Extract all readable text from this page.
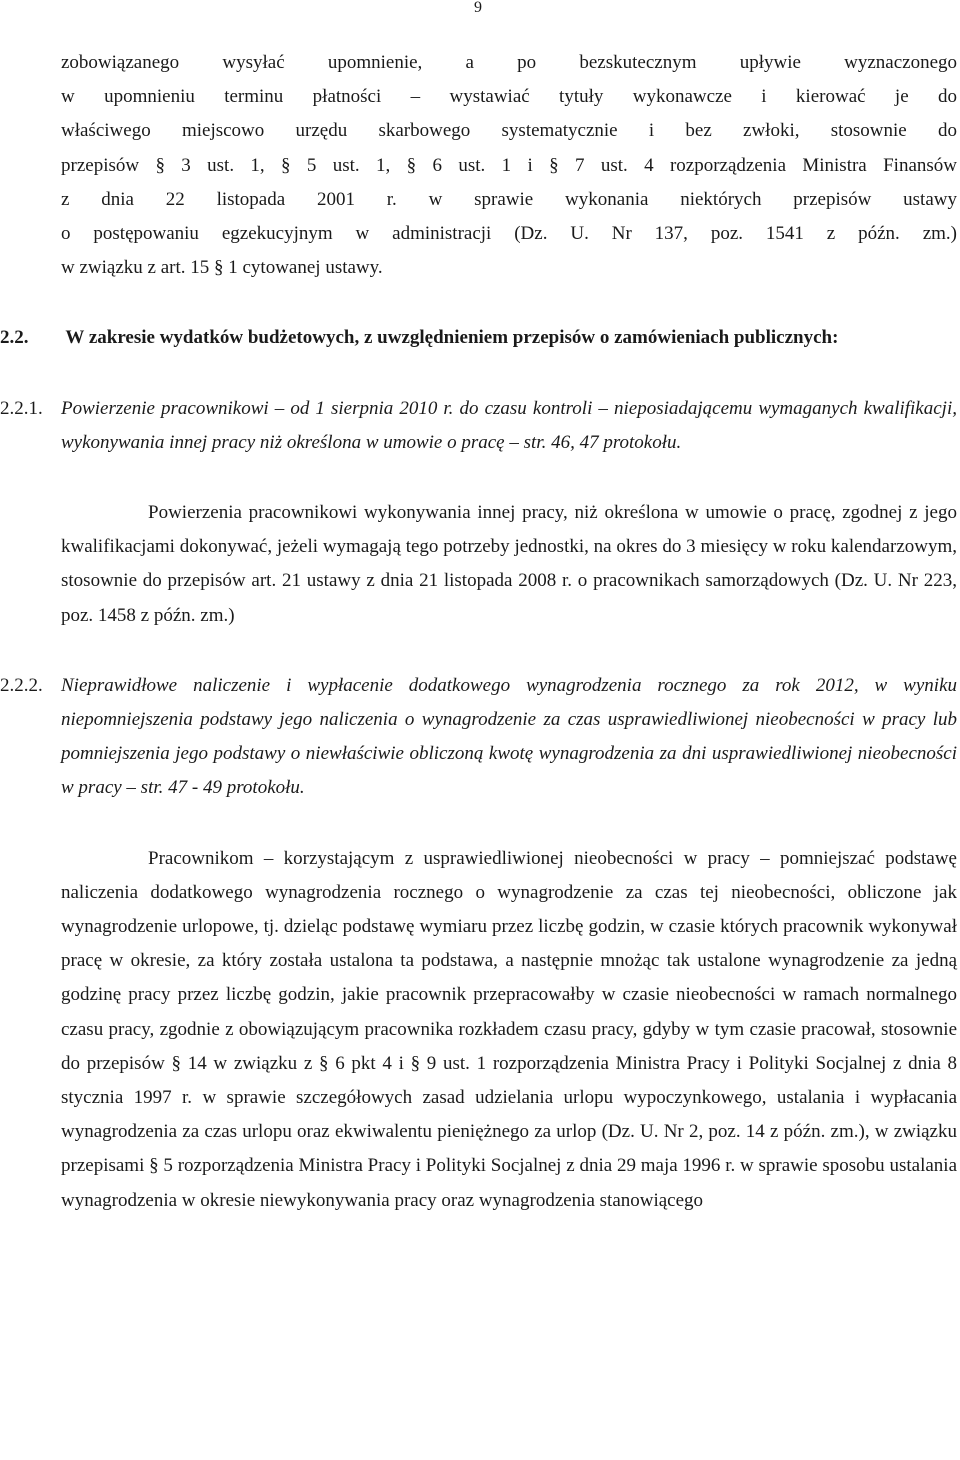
9

zobowiązanego wysyłać upomnienie, a po bezskutecznym upływie wyznaczonego

w upomnieniu terminu płatności – wystawiać tytuły wykonawcze i kierować je do

właściwego miejscowo urzędu skarbowego systematycznie i bez zwłoki, stosownie do

przepisów § 3 ust. 1, § 5 ust. 1, § 6 ust. 1 i § 7 ust. 4 rozporządzenia Ministra Finansów

z dnia 22 listopada 2001 r. w sprawie wykonania niektórych przepisów ustawy

o postępowaniu egzekucyjnym w administracji (Dz. U. Nr 137, poz. 1541 z późn. zm.)

w związku z art. 15 § 1 cytowanej ustawy.

2.2. W zakresie wydatków budżetowych, z uwzględnieniem przepisów o zamówieniach publicznych:

2.2.1. Powierzenie pracownikowi – od 1 sierpnia 2010 r. do czasu kontroli – nieposiadającemu wymaganych kwalifikacji, wykonywania innej pracy niż określona w umowie o pracę – str. 46, 47 protokołu.

Powierzenia pracownikowi wykonywania innej pracy, niż określona w umowie o pracę, zgodnej z jego kwalifikacjami dokonywać, jeżeli wymagają tego potrzeby jednostki, na okres do 3 miesięcy w roku kalendarzowym, stosownie do przepisów art. 21 ustawy z dnia 21 listopada 2008 r. o pracownikach samorządowych (Dz. U. Nr 223, poz. 1458 z późn. zm.)

2.2.2. Nieprawidłowe naliczenie i wypłacenie dodatkowego wynagrodzenia rocznego za rok 2012, w wyniku niepomniejszenia podstawy jego naliczenia o wynagrodzenie za czas usprawiedliwionej nieobecności w pracy lub pomniejszenia jego podstawy o niewłaściwie obliczoną kwotę wynagrodzenia za dni usprawiedliwionej nieobecności w pracy – str. 47 - 49 protokołu.

Pracownikom – korzystającym z usprawiedliwionej nieobecności w pracy – pomniejszać podstawę naliczenia dodatkowego wynagrodzenia rocznego o wynagrodzenie za czas tej nieobecności, obliczone jak wynagrodzenie urlopowe, tj. dzieląc podstawę wymiaru przez liczbę godzin, w czasie których pracownik wykonywał pracę w okresie, za który została ustalona ta podstawa, a następnie mnożąc tak ustalone wynagrodzenie za jedną godzinę pracy przez liczbę godzin, jakie pracownik przepracowałby w czasie nieobecności w ramach normalnego czasu pracy, zgodnie z obowiązującym pracownika rozkładem czasu pracy, gdyby w tym czasie pracował, stosownie do przepisów § 14 w związku z § 6 pkt 4 i § 9 ust. 1 rozporządzenia Ministra Pracy i Polityki Socjalnej z dnia 8 stycznia 1997 r. w sprawie szczegółowych zasad udzielania urlopu wypoczynkowego, ustalania i wypłacania wynagrodzenia za czas urlopu oraz ekwiwalentu pieniężnego za urlop (Dz. U. Nr 2, poz. 14 z późn. zm.), w związku przepisami § 5 rozporządzenia Ministra Pracy i Polityki Socjalnej z dnia 29 maja 1996 r. w sprawie sposobu ustalania wynagrodzenia w okresie niewykonywania pracy oraz wynagrodzenia stanowiącego
